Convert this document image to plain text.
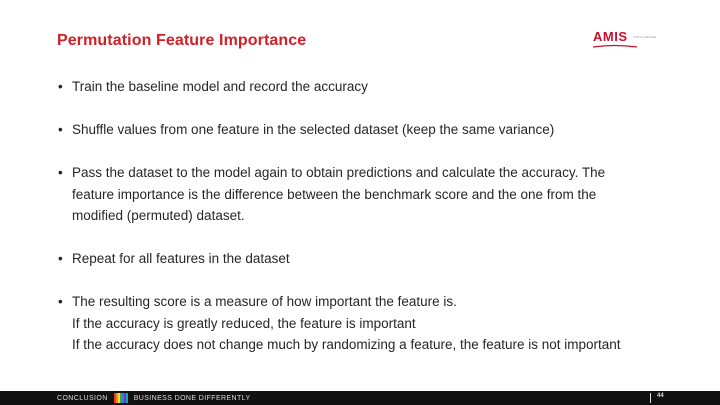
Permutation Feature Importance	AMIS DATA DRIVEN
• Train the baseline model and record the accuracy
• Shuffle values from one feature in the selected dataset (keep the same variance)
• Pass the dataset to the model again to obtain predictions and calculate the accuracy. The
feature importance is the difference between the benchmark score and the one from the
modified (permuted) dataset.
• Repeat for all features in the dataset
• The resulting score is a measure of how important the feature is.
If the accuracy is greatly reduced, the feature is important
If the accuracy does not change much by randomizing a feature, the feature is not important
CONCLUSION	BUSINESS DONE DIFFERENTLY	44
